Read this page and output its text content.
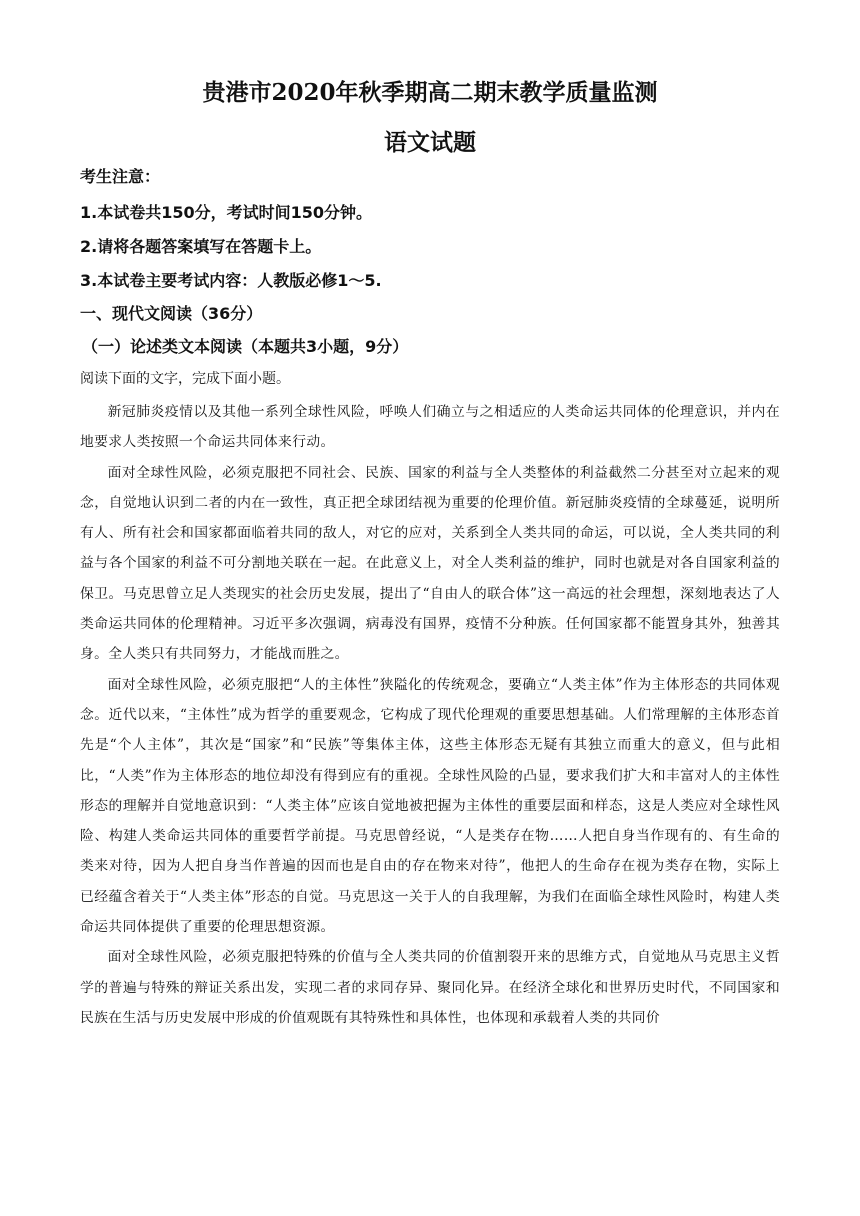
贵港市2020年秋季期高二期末教学质量监测
语文试题

考生注意：

1.本试卷共150分，考试时间150分钟。

2.请将各题答案填写在答题卡上。

3.本试卷主要考试内容：人教版必修1～5.

一、现代文阅读（36分）

（一）论述类文本阅读（本题共3小题，9分）

阅读下面的文字，完成下面小题。

新冠肺炎疫情以及其他一系列全球性风险，呼唤人们确立与之相适应的人类命运共同体的伦理意识，并内在地要求人类按照一个命运共同体来行动。

面对全球性风险，必须克服把不同社会、民族、国家的利益与全人类整体的利益截然二分甚至对立起来的观念，自觉地认识到二者的内在一致性，真正把全球团结视为重要的伦理价值。新冠肺炎疫情的全球蔓延，说明所有人、所有社会和国家都面临着共同的敌人，对它的应对，关系到全人类共同的命运，可以说，全人类共同的利益与各个国家的利益不可分割地关联在一起。在此意义上，对全人类利益的维护，同时也就是对各自国家利益的保卫。马克思曾立足人类现实的社会历史发展，提出了“自由人的联合体”这一高远的社会理想，深刻地表达了人类命运共同体的伦理精神。习近平多次强调，病毒没有国界，疫情不分种族。任何国家都不能置身其外，独善其身。全人类只有共同努力，才能战而胜之。

面对全球性风险，必须克服把“人的主体性”狭隘化的传统观念，要确立“人类主体”作为主体形态的共同体观念。近代以来，“主体性”成为哲学的重要观念，它构成了现代伦理观的重要思想基础。人们常理解的主体形态首先是“个人主体”，其次是“国家”和“民族”等集体主体，这些主体形态无疑有其独立而重大的意义，但与此相比，“人类”作为主体形态的地位却没有得到应有的重视。全球性风险的凸显，要求我们扩大和丰富对人的主体性形态的理解并自觉地意识到：“人类主体”应该自觉地被把握为主体性的重要层面和样态，这是人类应对全球性风险、构建人类命运共同体的重要哲学前提。马克思曾经说，“人是类存在物……人把自身当作现有的、有生命的类来对待，因为人把自身当作普遍的因而也是自由的存在物来对待”，他把人的生命存在视为类存在物，实际上已经蕴含着关于“人类主体”形态的自觉。马克思这一关于人的自我理解，为我们在面临全球性风险时，构建人类命运共同体提供了重要的伦理思想资源。

面对全球性风险，必须克服把特殊的价值与全人类共同的价值割裂开来的思维方式，自觉地从马克思主义哲学的普遍与特殊的辩证关系出发，实现二者的求同存异、聚同化异。在经济全球化和世界历史时代，不同国家和民族在生活与历史发展中形成的价值观既有其特殊性和具体性，也体现和承载着人类的共同价
